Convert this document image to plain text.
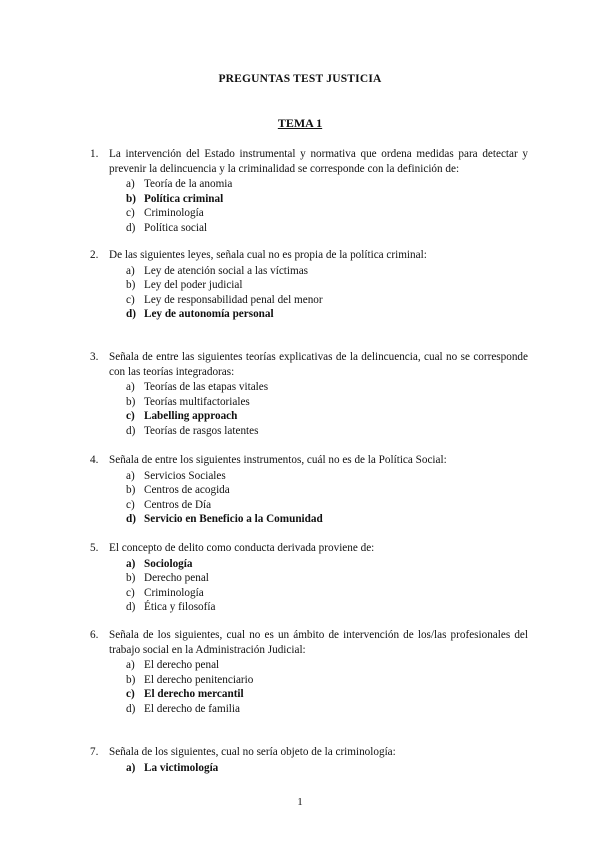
PREGUNTAS TEST JUSTICIA
TEMA 1
1. La intervención del Estado instrumental y normativa que ordena medidas para detectar y prevenir la delincuencia y la criminalidad se corresponde con la definición de:
a) Teoría de la anomia
b) Política criminal
c) Criminología
d) Política social
2. De las siguientes leyes, señala cual no es propia de la política criminal:
a) Ley de atención social a las víctimas
b) Ley del poder judicial
c) Ley de responsabilidad penal del menor
d) Ley de autonomía personal
3. Señala de entre las siguientes teorías explicativas de la delincuencia, cual no se corresponde con las teorías integradoras:
a) Teorías de las etapas vitales
b) Teorías multifactoriales
c) Labelling approach
d) Teorías de rasgos latentes
4. Señala de entre los siguientes instrumentos, cuál no es de la Política Social:
a) Servicios Sociales
b) Centros de acogida
c) Centros de Día
d) Servicio en Beneficio a la Comunidad
5. El concepto de delito como conducta derivada proviene de:
a) Sociología
b) Derecho penal
c) Criminología
d) Ética y filosofía
6. Señala de los siguientes, cual no es un ámbito de intervención de los/las profesionales del trabajo social en la Administración Judicial:
a) El derecho penal
b) El derecho penitenciario
c) El derecho mercantil
d) El derecho de familia
7. Señala de los siguientes, cual no sería objeto de la criminología:
a) La victimología
1
